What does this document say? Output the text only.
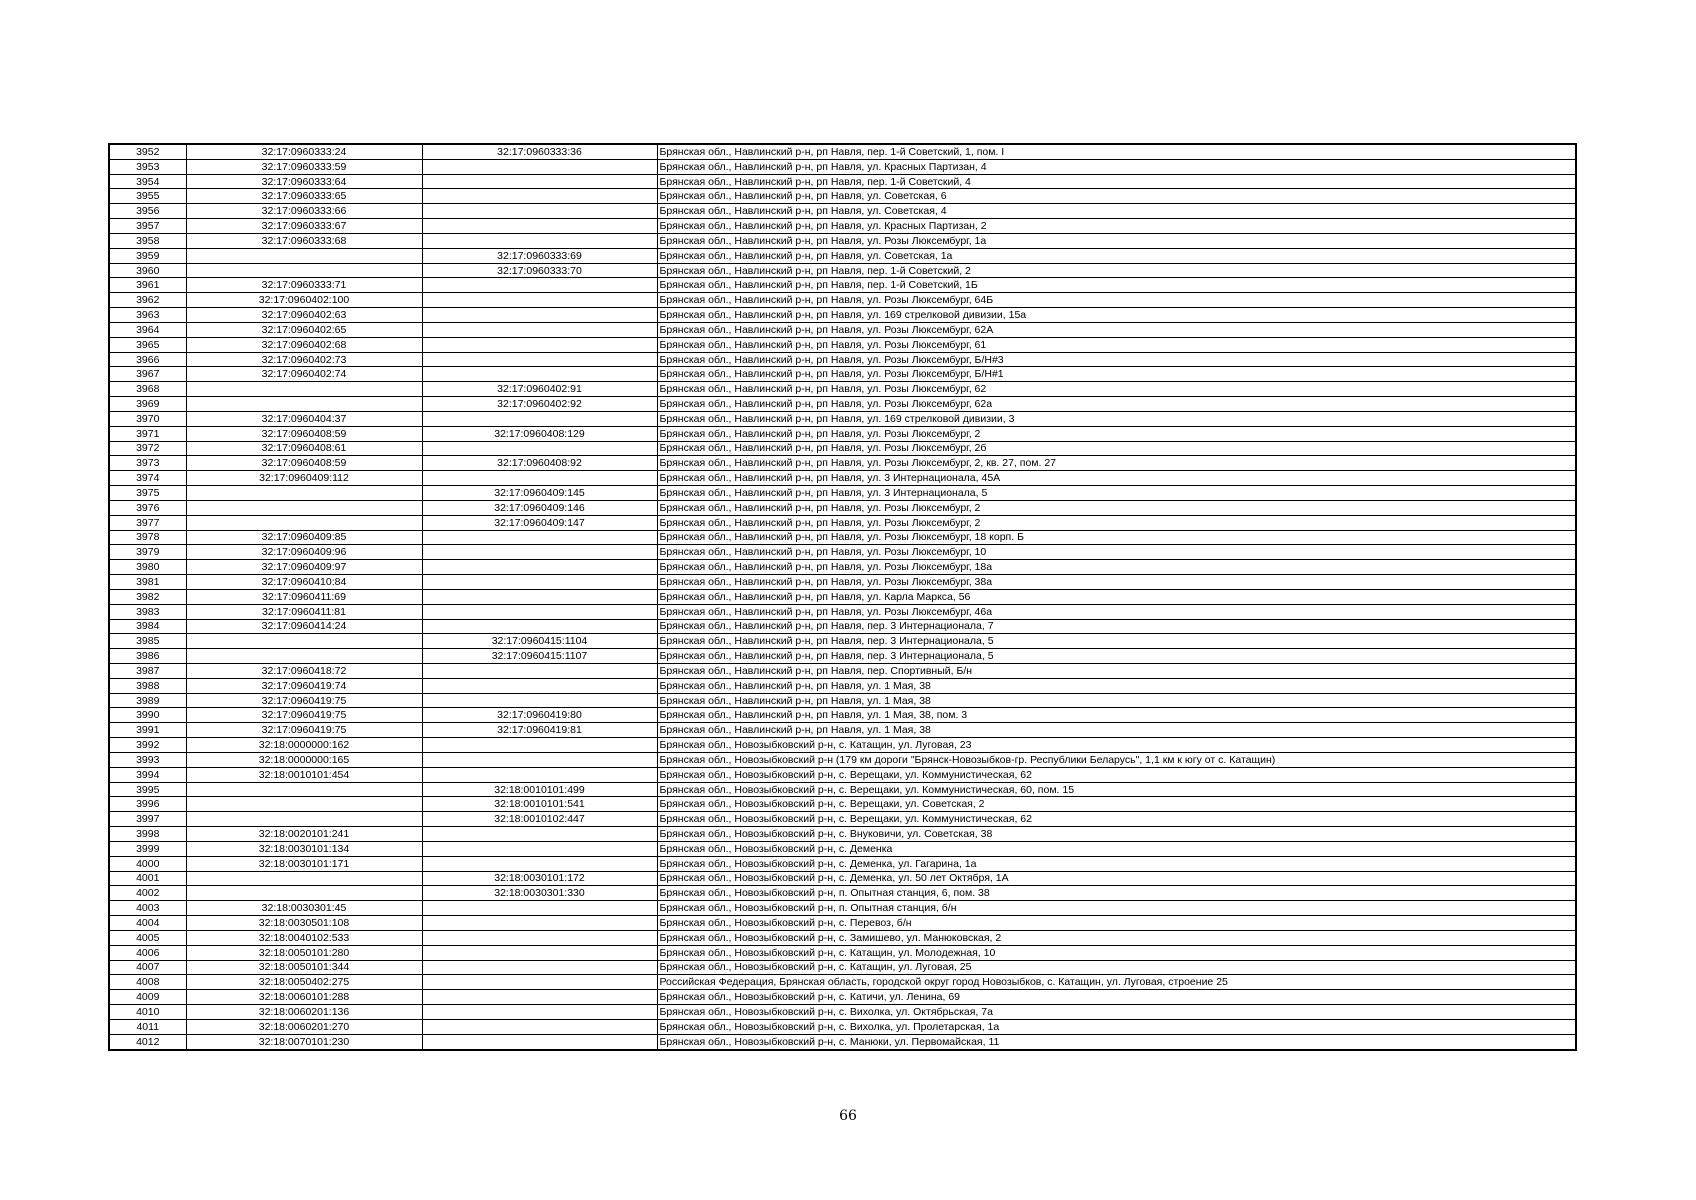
3952	32:17:0960333:24	32:17:0960333:36	Брянская обл., Навлинский р-н, рп Навля, пер. 1-й Советский, 1, пом. I
3953	32:17:0960333:59		Брянская обл., Навлинский р-н, рп Навля, ул. Красных Партизан, 4
3954	32:17:0960333:64		Брянская обл., Навлинский р-н, рп Навля, пер. 1-й Советский, 4
3955	32:17:0960333:65		Брянская обл., Навлинский р-н, рп Навля, ул. Советская, 6
3956	32:17:0960333:66		Брянская обл., Навлинский р-н, рп Навля, ул. Советская, 4
3957	32:17:0960333:67		Брянская обл., Навлинский р-н, рп Навля, ул. Красных Партизан, 2
3958	32:17:0960333:68		Брянская обл., Навлинский р-н, рп Навля, ул. Розы Люксембург, 1а
3959		32:17:0960333:69	Брянская обл., Навлинский р-н, рп Навля, ул. Советская, 1а
3960		32:17:0960333:70	Брянская обл., Навлинский р-н, рп Навля, пер. 1-й Советский, 2
3961	32:17:0960333:71		Брянская обл., Навлинский р-н, рп Навля, пер. 1-й Советский, 1Б
3962	32:17:0960402:100		Брянская обл., Навлинский р-н, рп Навля, ул. Розы Люксембург, 64Б
3963	32:17:0960402:63		Брянская обл., Навлинский р-н, рп Навля, ул. 169 стрелковой дивизии, 15а
3964	32:17:0960402:65		Брянская обл., Навлинский р-н, рп Навля, ул. Розы Люксембург, 62А
3965	32:17:0960402:68		Брянская обл., Навлинский р-н, рп Навля, ул. Розы Люксембург, 61
3966	32:17:0960402:73		Брянская обл., Навлинский р-н, рп Навля, ул. Розы Люксембург, Б/Н#3
3967	32:17:0960402:74		Брянская обл., Навлинский р-н, рп Навля, ул. Розы Люксембург, Б/Н#1
3968		32:17:0960402:91	Брянская обл., Навлинский р-н, рп Навля, ул. Розы Люксембург, 62
3969		32:17:0960402:92	Брянская обл., Навлинский р-н, рп Навля, ул. Розы Люксембург, 62а
3970	32:17:0960404:37		Брянская обл., Навлинский р-н, рп Навля, ул. 169 стрелковой дивизии, 3
3971	32:17:0960408:59	32:17:0960408:129	Брянская обл., Навлинский р-н, рп Навля, ул. Розы Люксембург, 2
3972	32:17:0960408:61		Брянская обл., Навлинский р-н, рп Навля, ул. Розы Люксембург, 2б
3973	32:17:0960408:59	32:17:0960408:92	Брянская обл., Навлинский р-н, рп Навля, ул. Розы Люксембург, 2, кв. 27, пом. 27
3974	32:17:0960409:112		Брянская обл., Навлинский р-н, рп Навля, ул. 3 Интернационала, 45А
3975		32:17:0960409:145	Брянская обл., Навлинский р-н, рп Навля, ул. 3 Интернационала, 5
3976		32:17:0960409:146	Брянская обл., Навлинский р-н, рп Навля, ул. Розы Люксембург, 2
3977		32:17:0960409:147	Брянская обл., Навлинский р-н, рп Навля, ул. Розы Люксембург, 2
3978	32:17:0960409:85		Брянская обл., Навлинский р-н, рп Навля, ул. Розы Люксембург, 18 корп. Б
3979	32:17:0960409:96		Брянская обл., Навлинский р-н, рп Навля, ул. Розы Люксембург, 10
3980	32:17:0960409:97		Брянская обл., Навлинский р-н, рп Навля, ул. Розы Люксембург, 18а
3981	32:17:0960410:84		Брянская обл., Навлинский р-н, рп Навля, ул. Розы Люксембург, 38а
3982	32:17:0960411:69		Брянская обл., Навлинский р-н, рп Навля, ул. Карла Маркса, 56
3983	32:17:0960411:81		Брянская обл., Навлинский р-н, рп Навля, ул. Розы Люксембург, 46а
3984	32:17:0960414:24		Брянская обл., Навлинский р-н, рп Навля, пер. 3 Интернационала, 7
3985		32:17:0960415:1104	Брянская обл., Навлинский р-н, рп Навля, пер. 3 Интернационала, 5
3986		32:17:0960415:1107	Брянская обл., Навлинский р-н, рп Навля, пер. 3 Интернационала, 5
3987	32:17:0960418:72		Брянская обл., Навлинский р-н, рп Навля, пер. Спортивный, Б/н
3988	32:17:0960419:74		Брянская обл., Навлинский р-н, рп Навля, ул. 1 Мая, 38
3989	32:17:0960419:75		Брянская обл., Навлинский р-н, рп Навля, ул. 1 Мая, 38
3990	32:17:0960419:75	32:17:0960419:80	Брянская обл., Навлинский р-н, рп Навля, ул. 1 Мая, 38, пом. 3
3991	32:17:0960419:75	32:17:0960419:81	Брянская обл., Навлинский р-н, рп Навля, ул. 1 Мая, 38
3992	32:18:0000000:162		Брянская обл., Новозыбковский р-н, с. Катащин, ул. Луговая, 23
3993	32:18:0000000:165		Брянская обл., Новозыбковский р-н (179 км дороги "Брянск-Новозыбков-гр. Республики Беларусь", 1,1 км к югу от с. Катащин)
3994	32:18:0010101:454		Брянская обл., Новозыбковский р-н, с. Верещаки, ул. Коммунистическая, 62
3995		32:18:0010101:499	Брянская обл., Новозыбковский р-н, с. Верещаки, ул. Коммунистическая, 60, пом. 15
3996		32:18:0010101:541	Брянская обл., Новозыбковский р-н, с. Верещаки, ул. Советская, 2
3997		32:18:0010102:447	Брянская обл., Новозыбковский р-н, с. Верещаки, ул. Коммунистическая, 62
3998	32:18:0020101:241		Брянская обл., Новозыбковский р-н, с. Внуковичи, ул. Советская, 38
3999	32:18:0030101:134		Брянская обл., Новозыбковский р-н, с. Деменка
4000	32:18:0030101:171		Брянская обл., Новозыбковский р-н, с. Деменка, ул. Гагарина, 1а
4001		32:18:0030101:172	Брянская обл., Новозыбковский р-н, с. Деменка, ул. 50 лет Октября, 1А
4002		32:18:0030301:330	Брянская обл., Новозыбковский р-н, п. Опытная станция, 6, пом. 38
4003	32:18:0030301:45		Брянская обл., Новозыбковский р-н, п. Опытная станция, б/н
4004	32:18:0030501:108		Брянская обл., Новозыбковский р-н, с. Перевоз, б/н
4005	32:18:0040102:533		Брянская обл., Новозыбковский р-н, с. Замишево, ул. Манюковская, 2
4006	32:18:0050101:280		Брянская обл., Новозыбковский р-н, с. Катащин, ул. Молодежная, 10
4007	32:18:0050101:344		Брянская обл., Новозыбковский р-н, с. Катащин, ул. Луговая, 25
4008	32:18:0050402:275		Российская Федерация, Брянская область, городской округ город Новозыбков, с. Катащин, ул. Луговая, строение 25
4009	32:18:0060101:288		Брянская обл., Новозыбковский р-н, с. Катичи, ул. Ленина, 69
4010	32:18:0060201:136		Брянская обл., Новозыбковский р-н, с. Вихолка, ул. Октябрьская, 7а
4011	32:18:0060201:270		Брянская обл., Новозыбковский р-н, с. Вихолка, ул. Пролетарская, 1а
4012	32:18:0070101:230		Брянская обл., Новозыбковский р-н, с. Манюки, ул. Первомайская, 11
66
